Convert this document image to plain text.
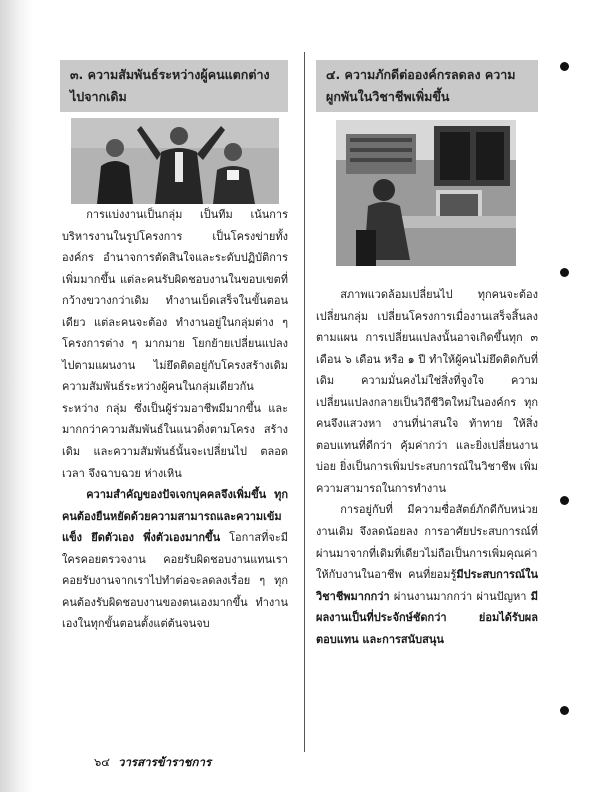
๓. ความสัมพันธ์ระหว่างผู้คนแตกต่างไปจากเดิม
๔. ความภักดีต่อองค์กรลดลง ความผูกพันในวิชาชีพเพิ่มขึ้น

การแบ่งงานเป็นกลุ่ม เป็นทีม เน้นการบริหารงานในรูปโครงการ เป็นโครงข่ายทั้งองค์กร อำนาจการตัดสินใจและระดับปฏิบัติการเพิ่มมากขึ้น แต่ละคนรับผิดชอบงานในขอบเขตที่กว้างขวางกว่าเดิม ทำงานเบ็ดเสร็จในขั้นตอนเดียว แต่ละคนจะต้อง ทำงานอยู่ในกลุ่มต่าง ๆ โครงการต่าง ๆ มากมาย โยกย้ายเปลี่ยนแปลงไปตามแผนงาน ไม่ยึดติดอยู่กับโครงสร้างเดิม ความสัมพันธ์ระหว่างผู้คนในกลุ่มเดียวกัน ระหว่าง กลุ่ม ซึ่งเป็นผู้ร่วมอาชีพมีมากขึ้น และมากกว่าความสัมพันธ์ในแนวดิ่งตามโครง สร้างเดิม และความสัมพันธ์นั้นจะเปลี่ยนไป ตลอดเวลา จึงฉาบฉวย ห่างเหิน

ความสำคัญของปัจเจกบุคคลจึงเพิ่มขึ้น ทุกคนต้องยืนหยัดด้วยความสามารถและความเข้มแข็ง ยึดตัวเอง พึ่งตัวเองมากขึ้น โอกาสที่จะมีใครคอยตรวจงาน คอยรับผิดชอบงานแทนเรา คอยรับงานจากเราไปทำต่อจะลดลงเรื่อย ๆ ทุกคนต้องรับผิดชอบงานของตนเองมากขึ้น ทำงานเองในทุกขั้นตอนตั้งแต่ต้นจนจบ

สภาพแวดล้อมเปลี่ยนไป ทุกคนจะต้องเปลี่ยนกลุ่ม เปลี่ยนโครงการเมื่องานเสร็จสิ้นลงตามแผน การเปลี่ยนแปลงนั้นอาจเกิดขึ้นทุก ๓ เดือน ๖ เดือน หรือ ๑ ปี ทำให้ผู้คนไม่ยึดติดกับที่เดิม ความมั่นคงไม่ใช่สิ่งที่จูงใจ ความเปลี่ยนแปลงกลายเป็นวิถีชีวิตใหม่ในองค์กร ทุกคนจึงแสวงหา งานที่น่าสนใจ ท้าทาย ให้สิ่งตอบแทนที่ดีกว่า คุ้มค่ากว่า และยิ่งเปลี่ยนงานบ่อย ยิ่งเป็นการเพิ่มประสบการณ์ในวิชาชีพ เพิ่มความสามารถในการทำงาน

การอยู่กับที่ มีความซื่อสัตย์ภักดีกับหน่วยงานเดิม จึงลดน้อยลง การอาศัยประสบการณ์ที่ผ่านมาจากที่เดิมที่เดียวไม่ถือเป็นการเพิ่มคุณค่าให้กับงานในอาชีพ คนที่ยอมรู้มีประสบการณ์ในวิชาชีพมากกว่า ผ่านงานมากกว่า ผ่านปัญหา มีผลงานเป็นที่ประจักษ์ชัดกว่า ย่อมได้รับผลตอบแทน และการสนับสนุน

๖๔ วารสารข้าราชการ
